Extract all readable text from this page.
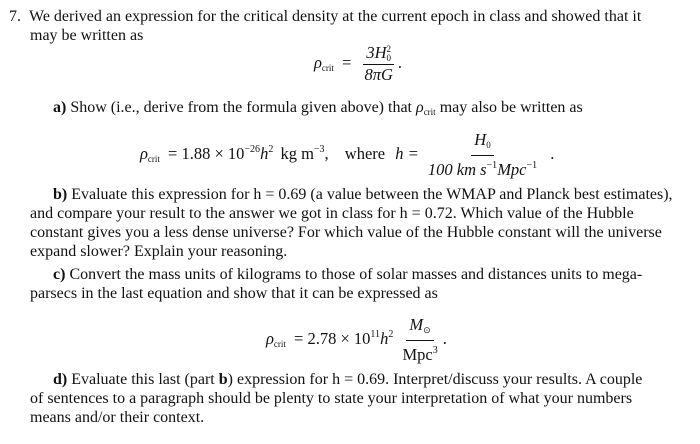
7. We derived an expression for the critical density at the current epoch in class and showed that it
may be written as
$\rho_{crit} = 3H$ 2
0
8πG .
a) Show (i.e., derive from the formula given above) that $\rho_{crit}$ may also be written as
$\rho_{crit} = 1.88 \times 10^{-26}h^2$ kg $m^{-3}$, where $h = \frac{H_0}{100 km s^{-1}Mpc^{-1}}$ .
b) Evaluate this expression for h = 0.69 (a value between the WMAP and Planck best estimates),
and compare your result to the answer we got in class for h = 0.72. Which value of the Hubble
constant gives you a less dense universe? For which value of the Hubble constant will the universe
expand slower? Explain your reasoning.
c) Convert the mass units of kilograms to those of solar masses and distances units to mega-
parsecs in the last equation and show that it can be expressed as
$\rho_{crit} = 2.78 \times 10^{11}h^2 \frac{M_⊙}{Mpc^3}$ .
d) Evaluate this last (part b) expression for h = 0.69. Interpret/discuss your results. A couple
of sentences to a paragraph should be plenty to state your interpretation of what your numbers
means and/or their context.
